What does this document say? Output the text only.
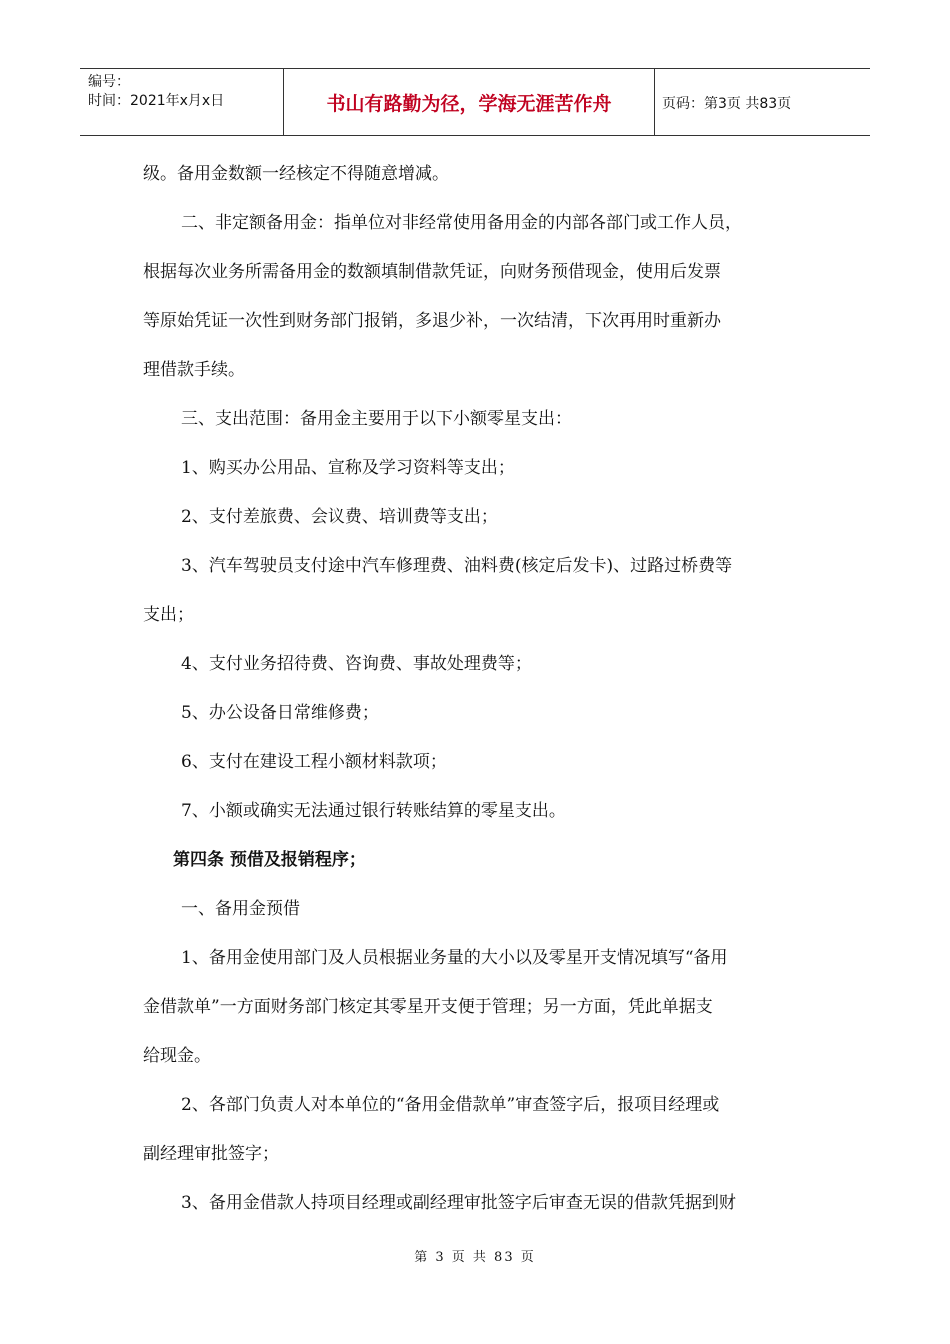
编号：
时间：2021年x月x日	书山有路勤为径，学海无涯苦作舟	页码：第3页 共83页

级。备用金数额一经核定不得随意增减。

二、非定额备用金：指单位对非经常使用备用金的内部各部门或工作人员，

根据每次业务所需备用金的数额填制借款凭证，向财务预借现金，使用后发票

等原始凭证一次性到财务部门报销，多退少补，一次结清，下次再用时重新办

理借款手续。

三、支出范围：备用金主要用于以下小额零星支出：

1、购买办公用品、宣称及学习资料等支出；

2、支付差旅费、会议费、培训费等支出；

3、汽车驾驶员支付途中汽车修理费、油料费(核定后发卡)、过路过桥费等

支出；

4、支付业务招待费、咨询费、事故处理费等；

5、办公设备日常维修费；

6、支付在建设工程小额材料款项；

7、小额或确实无法通过银行转账结算的零星支出。

第四条 预借及报销程序；

一、备用金预借

1、备用金使用部门及人员根据业务量的大小以及零星开支情况填写“备用

金借款单”一方面财务部门核定其零星开支便于管理；另一方面，凭此单据支

给现金。

2、各部门负责人对本单位的“备用金借款单”审查签字后，报项目经理或

副经理审批签字；

3、备用金借款人持项目经理或副经理审批签字后审查无误的借款凭据到财

第 3 页 共 83 页
